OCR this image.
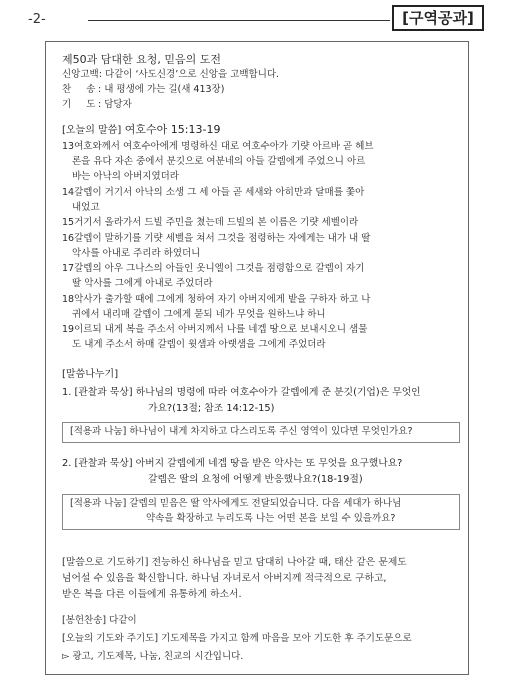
-2-	[구역공과]
제50과 담대한 요청, 믿음의 도전
신앙고백: 다같이 ‘사도신경’으로 신앙을 고백합니다.
찬     송 : 내 평생에 가는 길(새 413장)
기     도 : 담당자
[오늘의 말씀] 여호수아 15:13-19
13여호와께서 여호수아에게 명령하신 대로 여호수아가 기럇 아르바 곧 헤브
론을 유다 자손 중에서 분깃으로 여분네의 아들 갈렙에게 주었으니 아르
바는 아낙의 아버지였더라
14갈렙이 거기서 아낙의 소생 그 세 아들 곧 세새와 아히만과 달매를 쫓아
내었고
15거기서 올라가서 드빌 주민을 쳤는데 드빌의 본 이름은 기럇 세벨이라
16갈렙이 말하기를 기럇 세벨을 쳐서 그것을 점령하는 자에게는 내가 내 딸
악사를 아내로 주리라 하였더니
17갈렙의 아우 그나스의 아들인 옷니엘이 그것을 점령함으로 갈렙이 자기
딸 악사를 그에게 아내로 주었더라
18악사가 출가할 때에 그에게 청하여 자기 아버지에게 밭을 구하자 하고 나
귀에서 내리매 갈렙이 그에게 묻되 네가 무엇을 원하느냐 하니
19이르되 내게 복을 주소서 아버지께서 나를 네겝 땅으로 보내시오니 샘물
도 내게 주소서 하매 갈렙이 윗샘과 아랫샘을 그에게 주었더라
[말씀나누기]
1. [관찰과 묵상] 하나님의 명령에 따라 여호수아가 갈렙에게 준 분깃(기업)은 무엇인
가요?(13절; 참조 14:12-15)
[적용과 나눔] 하나님이 내게 차지하고 다스리도록 주신 영역이 있다면 무엇인가요?
2. [관찰과 묵상] 아버지 갈렙에게 네겝 땅을 받은 악사는 또 무엇을 요구했나요?
갈렙은 딸의 요청에 어떻게 반응했나요?(18-19절)
[적용과 나눔] 갈렙의 믿음은 딸 악사에게도 전달되었습니다. 다음 세대가 하나님
약속을 확장하고 누리도록 나는 어떤 본을 보일 수 있을까요?
[말씀으로 기도하기] 전능하신 하나님을 믿고 담대히 나아갈 때, 태산 같은 문제도
넘어설 수 있음을 확신합니다. 하나님 자녀로서 아버지께 적극적으로 구하고,
받은 복을 다른 이들에게 유통하게 하소서.
[봉헌찬송] 다같이
[오늘의 기도와 주기도] 기도제목을 가지고 함께 마음을 모아 기도한 후 주기도문으로
▻ 광고, 기도제목, 나눔, 친교의 시간입니다.
